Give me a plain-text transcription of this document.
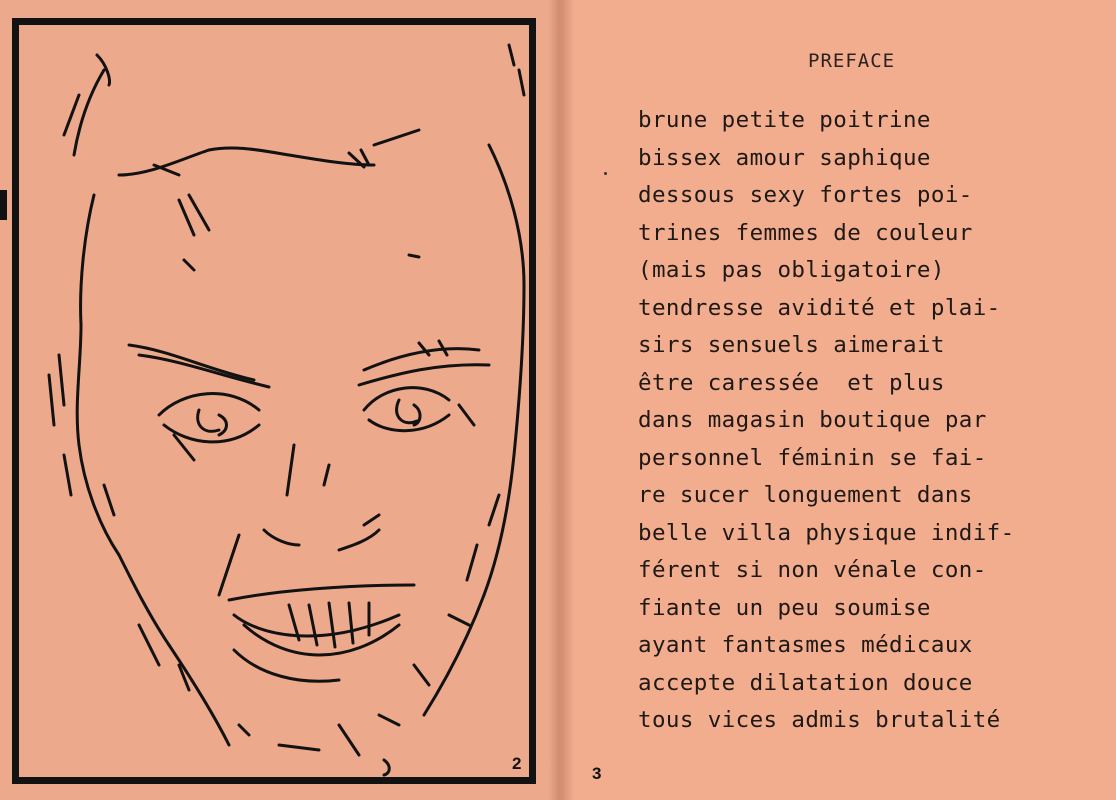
2
3
PREFACE
brune petite poitrine
bissex amour saphique
dessous sexy fortes poi-
trines femmes de couleur
(mais pas obligatoire)
tendresse avidité et plai-
sirs sensuels aimerait
être caressée  et plus
dans magasin boutique par
personnel féminin se fai-
re sucer longuement dans
belle villa physique indif-
férent si non vénale con-
fiante un peu soumise
ayant fantasmes médicaux
accepte dilatation douce
tous vices admis brutalité
